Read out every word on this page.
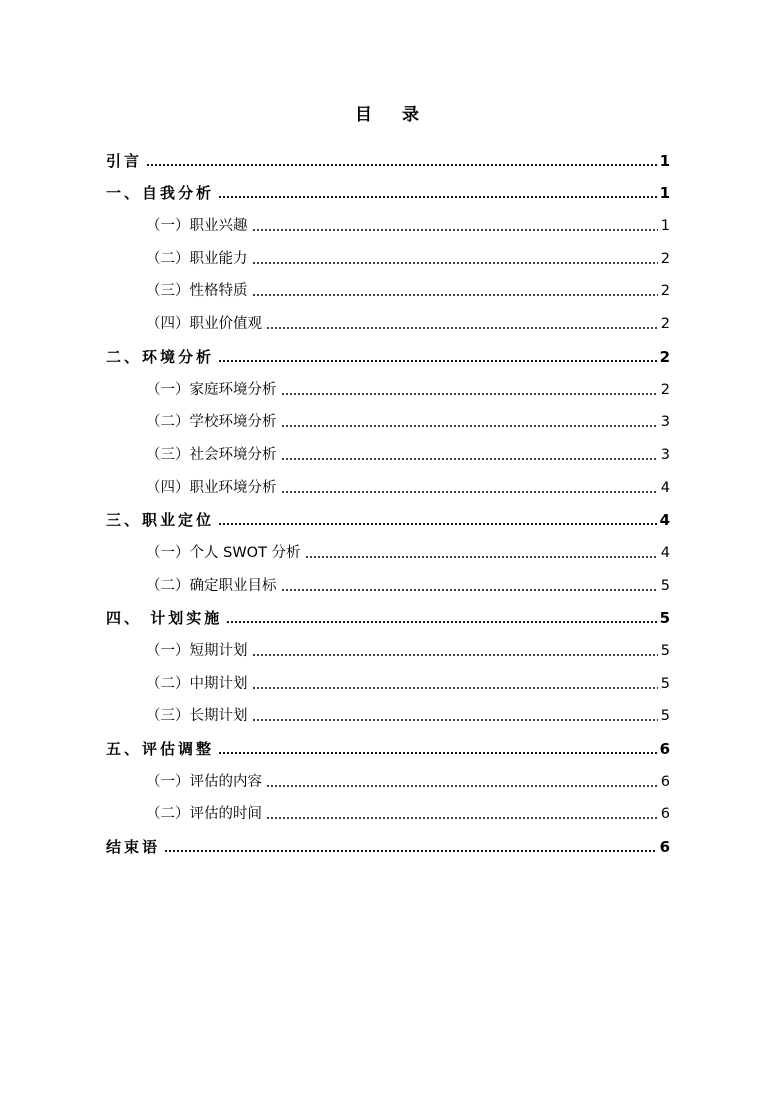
目 录
引言	1
一、自我分析	1
（一）职业兴趣	1
（二）职业能力	2
（三）性格特质	2
（四）职业价值观	2
二、环境分析	2
（一）家庭环境分析	2
（二）学校环境分析	3
（三）社会环境分析	3
（四）职业环境分析	4
三、职业定位	4
（一）个人 SWOT 分析	4
（二）确定职业目标	5
四、 计划实施	5
（一）短期计划	5
（二）中期计划	5
（三）长期计划	5
五、评估调整	6
（一）评估的内容	6
（二）评估的时间	6
结束语	6
